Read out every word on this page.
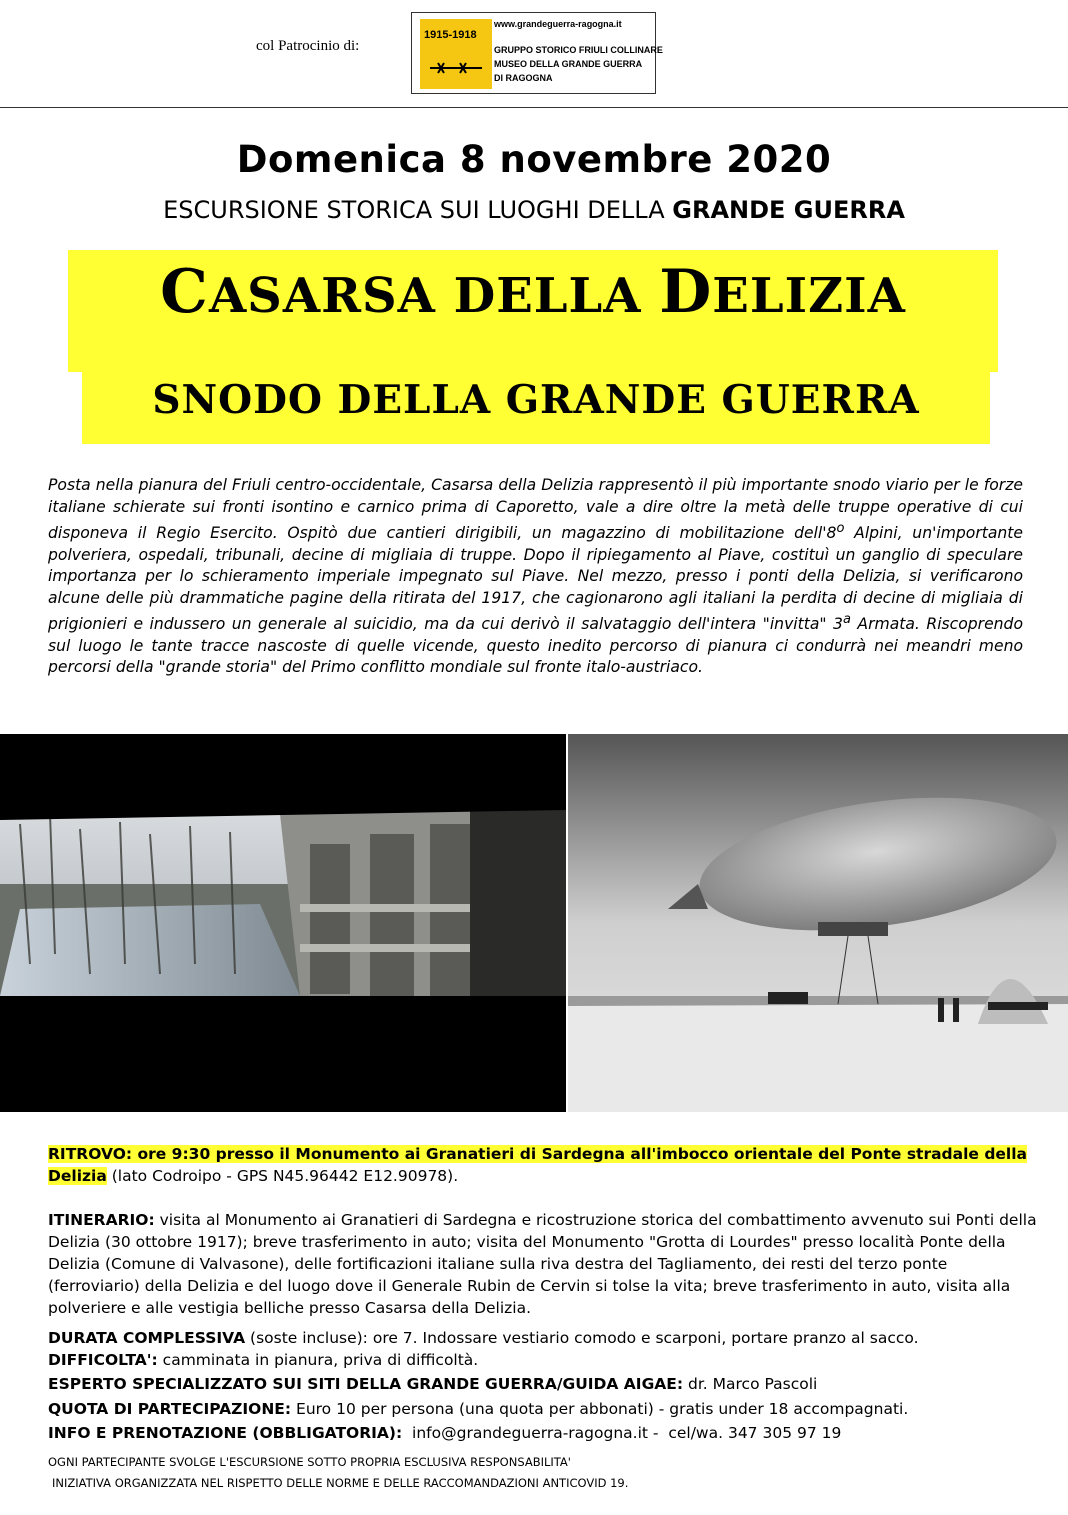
col Patrocinio di:
1915-1918
www.grandeguerra-ragogna.it
GRUPPO STORICO FRIULI COLLINARE
MUSEO DELLA GRANDE GUERRA
DI RAGOGNA
Domenica 8 novembre 2020
ESCURSIONE STORICA SUI LUOGHI DELLA GRANDE GUERRA
CASARSA DELLA DELIZIA
SNODO DELLA GRANDE GUERRA
Posta nella pianura del Friuli centro-occidentale, Casarsa della Delizia rappresentò il più importante snodo viario per le forze italiane schierate sui fronti isontino e carnico prima di Caporetto, vale a dire oltre la metà delle truppe operative di cui disponeva il Regio Esercito. Ospitò due cantieri dirigibili, un magazzino di mobilitazione dell'8$^o$ Alpini, un'importante polveriera, ospedali, tribunali, decine di migliaia di truppe. Dopo il ripiegamento al Piave, costituì un ganglio di speculare importanza per lo schieramento imperiale impegnato sul Piave. Nel mezzo, presso i ponti della Delizia, si verificarono alcune delle più drammatiche pagine della ritirata del 1917, che cagionarono agli italiani la perdita di decine di migliaia di prigionieri e indussero un generale al suicidio, ma da cui derivò il salvataggio dell'intera "invitta" 3$^a$ Armata. Riscoprendo sul luogo le tante tracce nascoste di quelle vicende, questo inedito percorso di pianura ci condurrà nei meandri meno percorsi della "grande storia" del Primo conflitto mondiale sul fronte italo-austriaco.
RITROVO: ore 9:30 presso il Monumento ai Granatieri di Sardegna all'imbocco orientale del Ponte stradale della Delizia (lato Codroipo - GPS N45.96442 E12.90978).
ITINERARIO: visita al Monumento ai Granatieri di Sardegna e ricostruzione storica del combattimento avvenuto sui Ponti della Delizia (30 ottobre 1917); breve trasferimento in auto; visita del Monumento "Grotta di Lourdes" presso località Ponte della Delizia (Comune di Valvasone), delle fortificazioni italiane sulla riva destra del Tagliamento, dei resti del terzo ponte (ferroviario) della Delizia e del luogo dove il Generale Rubin de Cervin si tolse la vita; breve trasferimento in auto, visita alla polveriere e alle vestigia belliche presso Casarsa della Delizia.
DURATA COMPLESSIVA (soste incluse): ore 7. Indossare vestiario comodo e scarponi, portare pranzo al sacco.
DIFFICOLTA': camminata in pianura, priva di difficoltà.
ESPERTO SPECIALIZZATO SUI SITI DELLA GRANDE GUERRA/GUIDA AIGAE: dr. Marco Pascoli
QUOTA DI PARTECIPAZIONE: Euro 10 per persona (una quota per abbonati) - gratis under 18 accompagnati.
INFO E PRENOTAZIONE (OBBLIGATORIA):  info@grandeguerra-ragogna.it -  cel/wa. 347 305 97 19
OGNI PARTECIPANTE SVOLGE L'ESCURSIONE SOTTO PROPRIA ESCLUSIVA RESPONSABILITA'
INIZIATIVA ORGANIZZATA NEL RISPETTO DELLE NORME E DELLE RACCOMANDAZIONI ANTICOVID 19.
